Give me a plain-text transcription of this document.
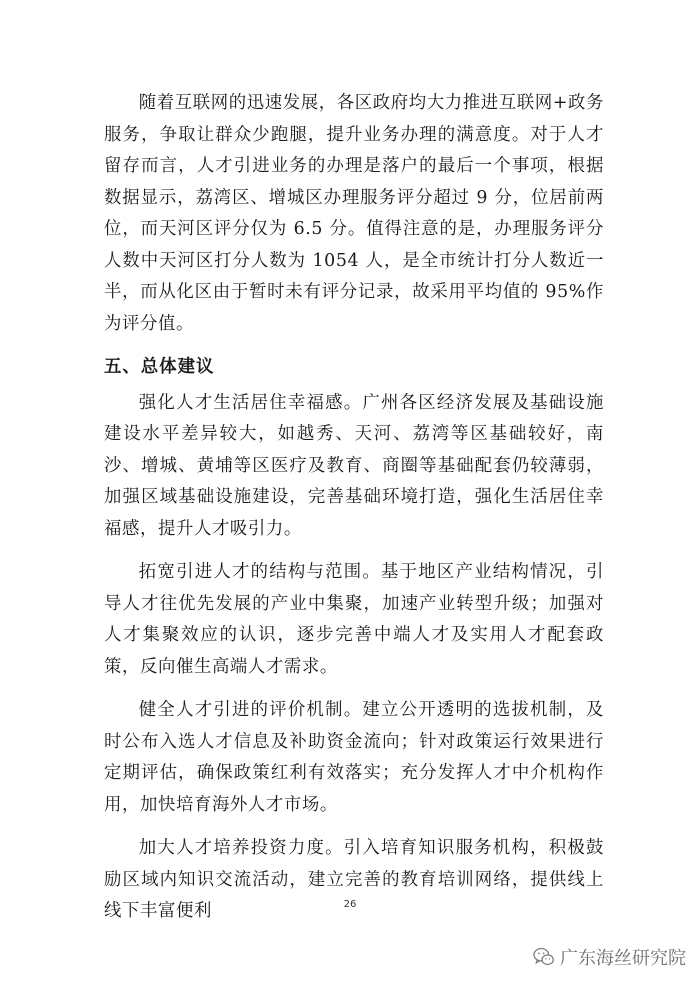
随着互联网的迅速发展，各区政府均大力推进互联网+政务服务，争取让群众少跑腿，提升业务办理的满意度。对于人才留存而言，人才引进业务的办理是落户的最后一个事项，根据数据显示，荔湾区、增城区办理服务评分超过 9 分，位居前两位，而天河区评分仅为 6.5 分。值得注意的是，办理服务评分人数中天河区打分人数为 1054 人，是全市统计打分人数近一半，而从化区由于暂时未有评分记录，故采用平均值的 95%作为评分值。

五、总体建议

强化人才生活居住幸福感。广州各区经济发展及基础设施建设水平差异较大，如越秀、天河、荔湾等区基础较好，南沙、增城、黄埔等区医疗及教育、商圈等基础配套仍较薄弱，加强区域基础设施建设，完善基础环境打造，强化生活居住幸福感，提升人才吸引力。

拓宽引进人才的结构与范围。基于地区产业结构情况，引导人才往优先发展的产业中集聚，加速产业转型升级；加强对人才集聚效应的认识，逐步完善中端人才及实用人才配套政策，反向催生高端人才需求。

健全人才引进的评价机制。建立公开透明的选拔机制，及时公布入选人才信息及补助资金流向；针对政策运行效果进行定期评估，确保政策红利有效落实；充分发挥人才中介机构作用，加快培育海外人才市场。

加大人才培养投资力度。引入培育知识服务机构，积极鼓励区域内知识交流活动，建立完善的教育培训网络，提供线上线下丰富便利	26
广东海丝研究院
